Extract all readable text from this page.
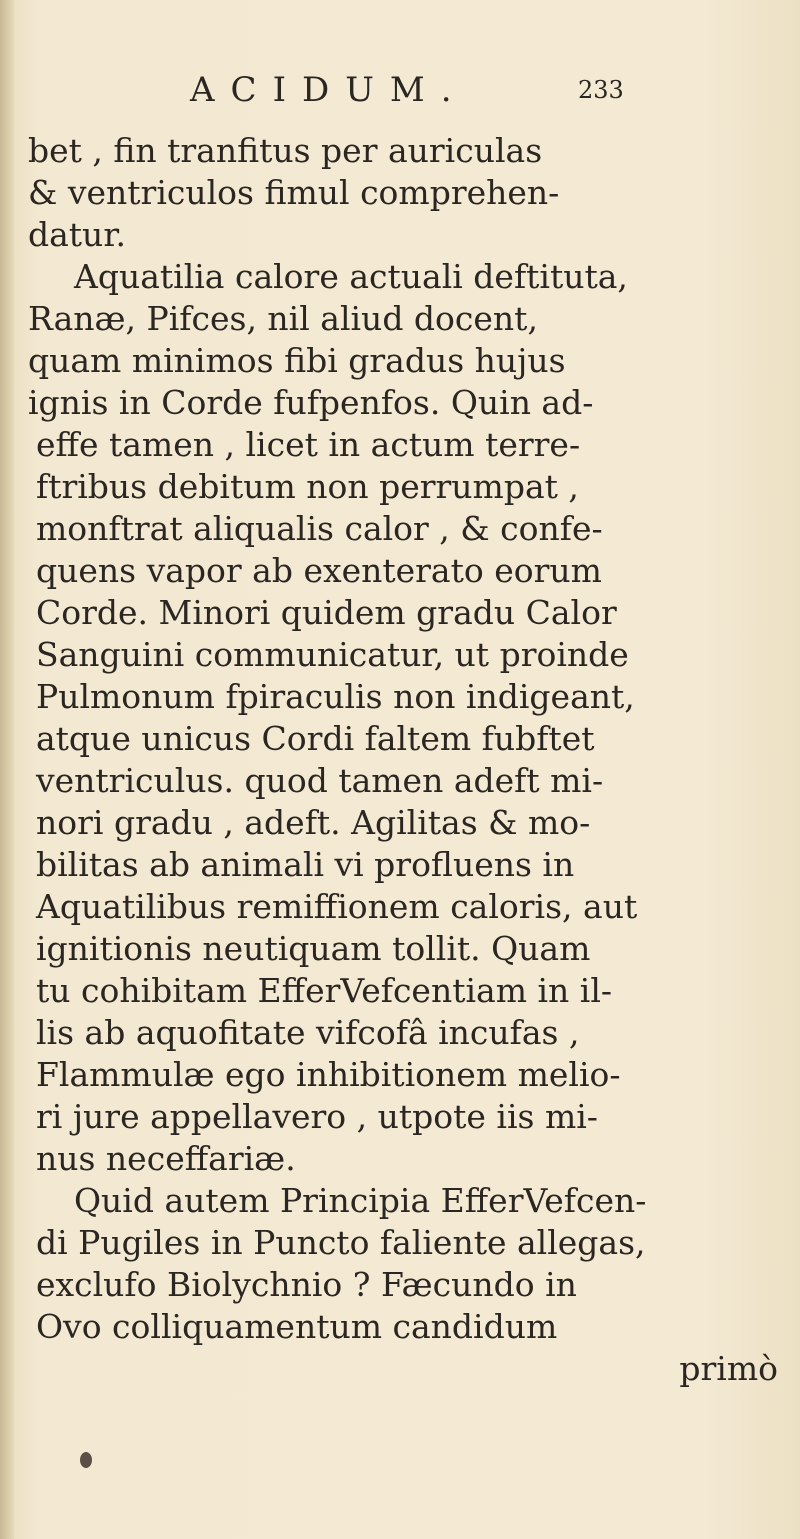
ACIDUM.	233
bet , fin tranfitus per auriculas
& ventriculos fimul comprehen-
datur.
Aquatilia calore actuali deftituta,
Ranæ, Pifces, nil aliud docent,
quam minimos fibi gradus hujus
ignis in Corde fufpenfos. Quin ad-
effe tamen , licet in actum terre-
ftribus debitum non perrumpat ,
monftrat aliqualis calor , & confe-
quens vapor ab exenterato eorum
Corde. Minori quidem gradu Calor
Sanguini communicatur, ut proinde
Pulmonum fpiraculis non indigeant,
atque unicus Cordi faltem fubftet
ventriculus. quod tamen adeft mi-
nori gradu , adeft. Agilitas & mo-
bilitas ab animali vi profluens in
Aquatilibus remiffionem caloris, aut
ignitionis neutiquam tollit. Quam
tu cohibitam EfferVefcentiam in il-
lis ab aquofitate vifcofâ incufas ,
Flammulæ ego inhibitionem melio-
ri jure appellavero , utpote iis mi-
nus neceffariæ.
Quid autem Principia EfferVefcen-
di Pugiles in Puncto faliente allegas,
exclufo Biolychnio ? Fæcundo in
Ovo colliquamentum candidum
primò
